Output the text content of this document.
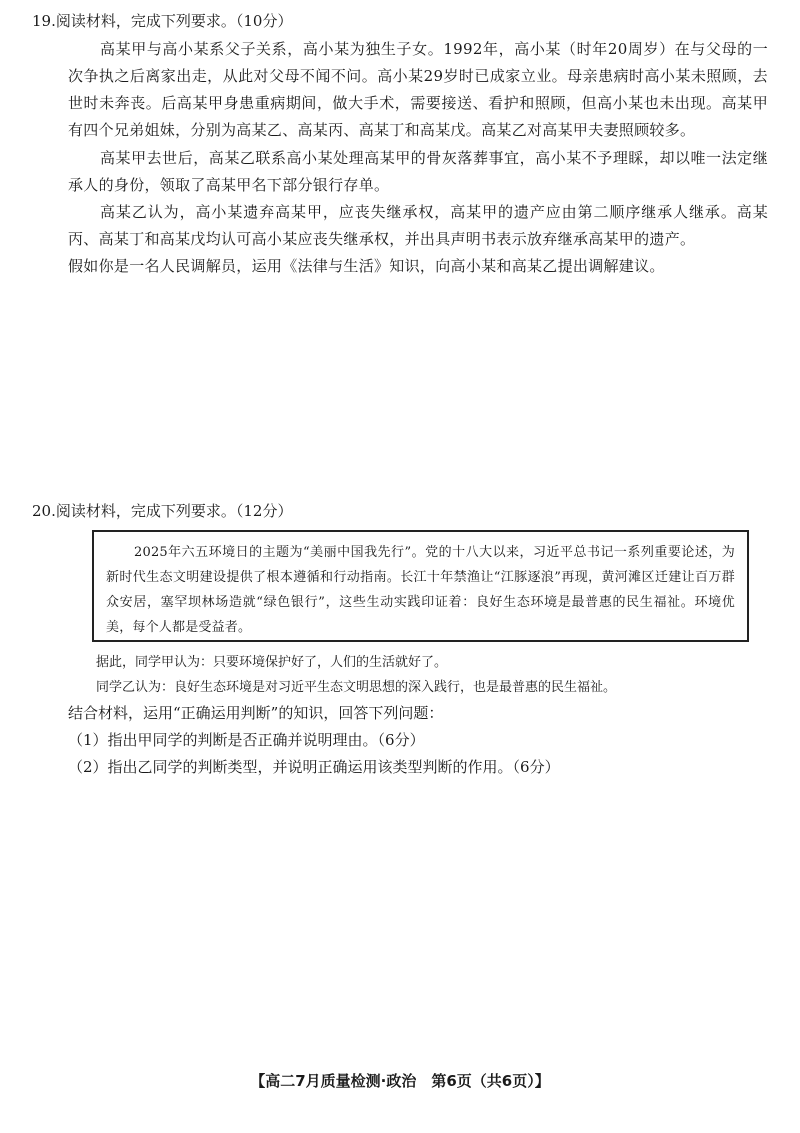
19.阅读材料，完成下列要求。（10分）
高某甲与高小某系父子关系，高小某为独生子女。1992年，高小某（时年20周岁）在与父母的一次争执之后离家出走，从此对父母不闻不问。高小某29岁时已成家立业。母亲患病时高小某未照顾，去世时未奔丧。后高某甲身患重病期间，做大手术，需要接送、看护和照顾，但高小某也未出现。高某甲有四个兄弟姐妹，分别为高某乙、高某丙、高某丁和高某戊。高某乙对高某甲夫妻照顾较多。
高某甲去世后，高某乙联系高小某处理高某甲的骨灰落葬事宜，高小某不予理睬，却以唯一法定继承人的身份，领取了高某甲名下部分银行存单。
高某乙认为，高小某遗弃高某甲，应丧失继承权，高某甲的遗产应由第二顺序继承人继承。高某丙、高某丁和高某戊均认可高小某应丧失继承权，并出具声明书表示放弃继承高某甲的遗产。
假如你是一名人民调解员，运用《法律与生活》知识，向高小某和高某乙提出调解建议。
20.阅读材料，完成下列要求。（12分）
2025年六五环境日的主题为“美丽中国我先行”。党的十八大以来，习近平总书记一系列重要论述，为新时代生态文明建设提供了根本遵循和行动指南。长江十年禁渔让“江豚逐浪”再现，黄河滩区迁建让百万群众安居，塞罕坝林场造就“绿色银行”，这些生动实践印证着：良好生态环境是最普惠的民生福祉。环境优美，每个人都是受益者。
据此，同学甲认为：只要环境保护好了，人们的生活就好了。
同学乙认为：良好生态环境是对习近平生态文明思想的深入践行，也是最普惠的民生福祉。
结合材料，运用“正确运用判断”的知识，回答下列问题：
（1）指出甲同学的判断是否正确并说明理由。（6分）
（2）指出乙同学的判断类型，并说明正确运用该类型判断的作用。（6分）
【高二7月质量检测·政治　第6页（共6页）】
